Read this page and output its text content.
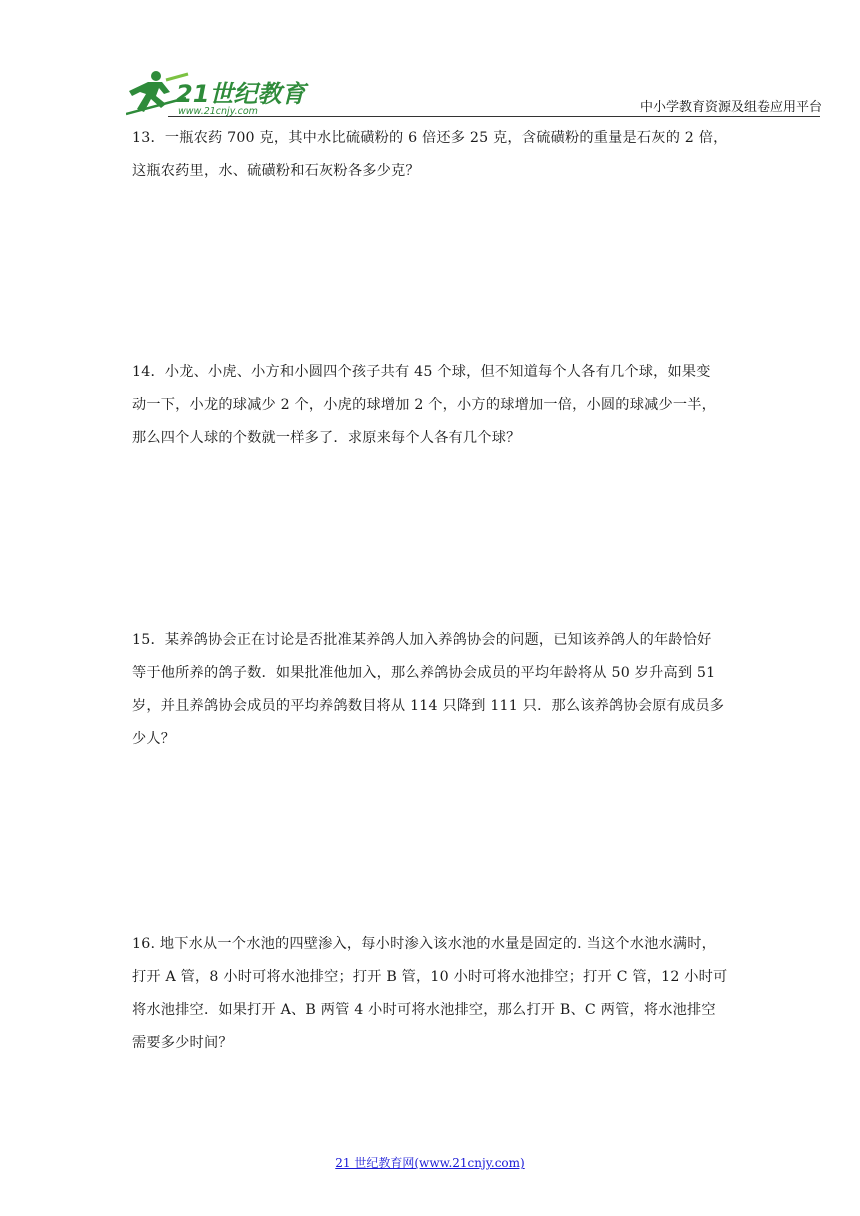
21世纪教育
www.21cnjy.com	中小学教育资源及组卷应用平台

13．一瓶农药 700 克，其中水比硫磺粉的 6 倍还多 25 克，含硫磺粉的重量是石灰的 2 倍，

这瓶农药里，水、硫磺粉和石灰粉各多少克？

14．小龙、小虎、小方和小圆四个孩子共有 45 个球，但不知道每个人各有几个球，如果变

动一下，小龙的球减少 2 个，小虎的球增加 2 个，小方的球增加一倍，小圆的球减少一半，

那么四个人球的个数就一样多了．求原来每个人各有几个球？

15．某养鸽协会正在讨论是否批准某养鸽人加入养鸽协会的问题，已知该养鸽人的年龄恰好

等于他所养的鸽子数．如果批准他加入，那么养鸽协会成员的平均年龄将从 50 岁升高到 51

岁，并且养鸽协会成员的平均养鸽数目将从 114 只降到 111 只．那么该养鸽协会原有成员多

少人？

16. 地下水从一个水池的四壁渗入，每小时渗入该水池的水量是固定的. 当这个水池水满时，

打开 A 管，8 小时可将水池排空；打开 B 管，10 小时可将水池排空；打开 C 管，12 小时可

将水池排空．如果打开 A、B 两管 4 小时可将水池排空，那么打开 B、C 两管，将水池排空

需要多少时间？

21 世纪教育网(www.21cnjy.com)
